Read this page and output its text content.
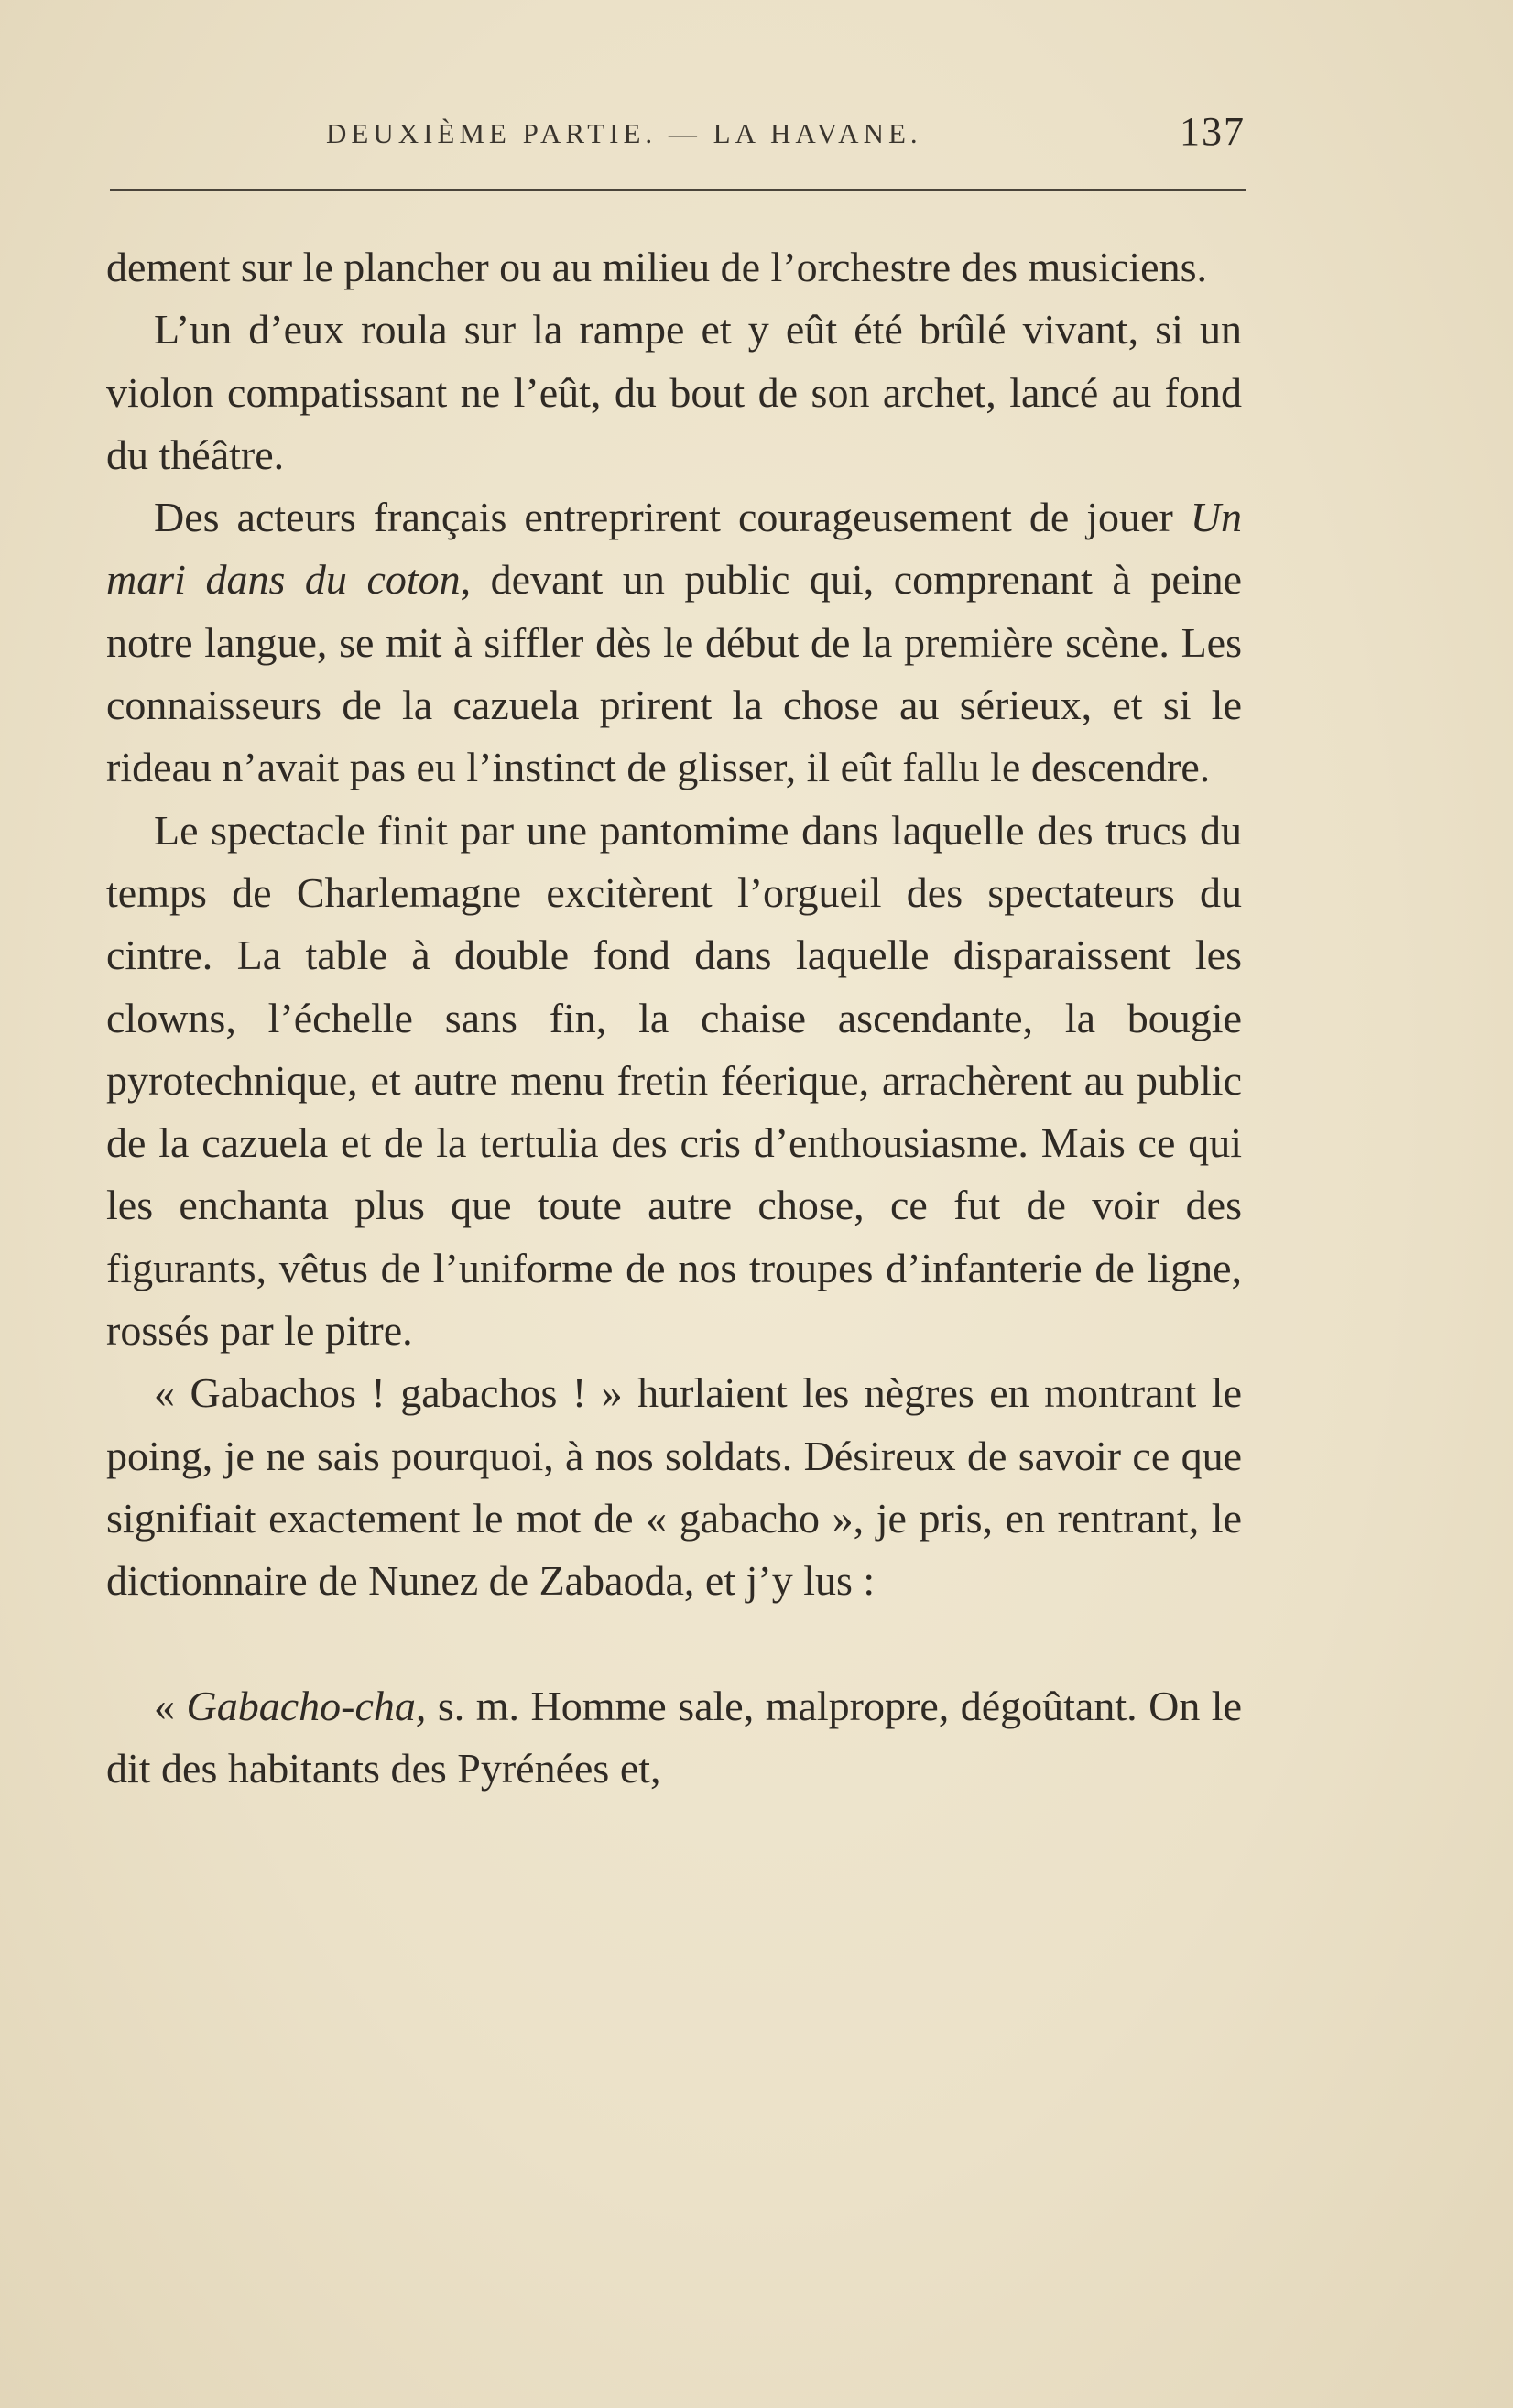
DEUXIÈME PARTIE. — LA HAVANE.	137

dement sur le plancher ou au milieu de l’orchestre des musiciens.

L’un d’eux roula sur la rampe et y eût été brûlé vivant, si un violon compatissant ne l’eût, du bout de son archet, lancé au fond du théâtre.

Des acteurs français entreprirent courageusement de jouer Un mari dans du coton, devant un public qui, comprenant à peine notre langue, se mit à siffler dès le début de la première scène. Les connaisseurs de la cazuela prirent la chose au sérieux, et si le rideau n’avait pas eu l’instinct de glisser, il eût fallu le descendre.

Le spectacle finit par une pantomime dans laquelle des trucs du temps de Charlemagne excitèrent l’orgueil des spectateurs du cintre. La table à double fond dans laquelle disparaissent les clowns, l’échelle sans fin, la chaise ascendante, la bougie pyrotechnique, et autre menu fretin féerique, arrachèrent au public de la cazuela et de la tertulia des cris d’enthousiasme. Mais ce qui les enchanta plus que toute autre chose, ce fut de voir des figurants, vêtus de l’uniforme de nos troupes d’infanterie de ligne, rossés par le pitre.

« Gabachos ! gabachos ! » hurlaient les nègres en montrant le poing, je ne sais pourquoi, à nos soldats. Désireux de savoir ce que signifiait exactement le mot de « gabacho », je pris, en rentrant, le dictionnaire de Nunez de Zabaoda, et j’y lus :

« Gabacho-cha, s. m. Homme sale, malpropre, dégoûtant. On le dit des habitants des Pyrénées et,
